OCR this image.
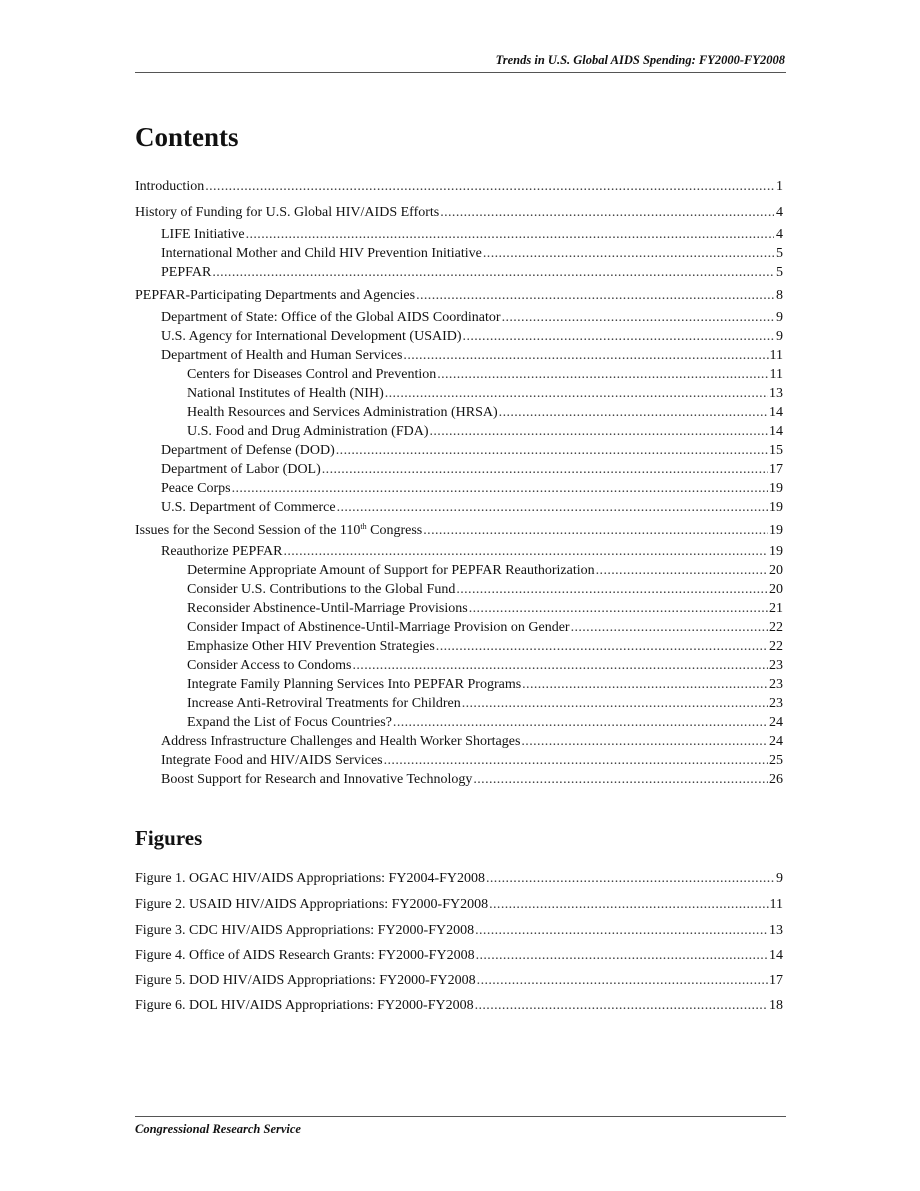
Trends in U.S. Global AIDS Spending: FY2000-FY2008
Contents
Introduction .....	1
History of Funding for U.S. Global HIV/AIDS Efforts .....	4
LIFE Initiative .....	4
International Mother and Child HIV Prevention Initiative .....	5
PEPFAR .....	5
PEPFAR-Participating Departments and Agencies .....	8
Department of State: Office of the Global AIDS Coordinator .....	9
U.S. Agency for International Development (USAID) .....	9
Department of Health and Human Services .....	11
Centers for Diseases Control and Prevention .....	11
National Institutes of Health (NIH) .....	13
Health Resources and Services Administration (HRSA) .....	14
U.S. Food and Drug Administration (FDA) .....	14
Department of Defense (DOD) .....	15
Department of Labor (DOL) .....	17
Peace Corps .....	19
U.S. Department of Commerce .....	19
Issues for the Second Session of the 110th Congress .....	19
Reauthorize PEPFAR .....	19
Determine Appropriate Amount of Support for PEPFAR Reauthorization .....	20
Consider U.S. Contributions to the Global Fund .....	20
Reconsider Abstinence-Until-Marriage Provisions .....	21
Consider Impact of Abstinence-Until-Marriage Provision on Gender .....	22
Emphasize Other HIV Prevention Strategies .....	22
Consider Access to Condoms .....	23
Integrate Family Planning Services Into PEPFAR Programs .....	23
Increase Anti-Retroviral Treatments for Children .....	23
Expand the List of Focus Countries? .....	24
Address Infrastructure Challenges and Health Worker Shortages .....	24
Integrate Food and HIV/AIDS Services .....	25
Boost Support for Research and Innovative Technology .....	26
Figures
Figure 1. OGAC HIV/AIDS Appropriations: FY2004-FY2008 .....	9
Figure 2. USAID HIV/AIDS Appropriations: FY2000-FY2008 .....	11
Figure 3. CDC HIV/AIDS Appropriations: FY2000-FY2008 .....	13
Figure 4. Office of AIDS Research Grants: FY2000-FY2008 .....	14
Figure 5. DOD HIV/AIDS Appropriations: FY2000-FY2008 .....	17
Figure 6. DOL HIV/AIDS Appropriations: FY2000-FY2008 .....	18
Congressional Research Service
